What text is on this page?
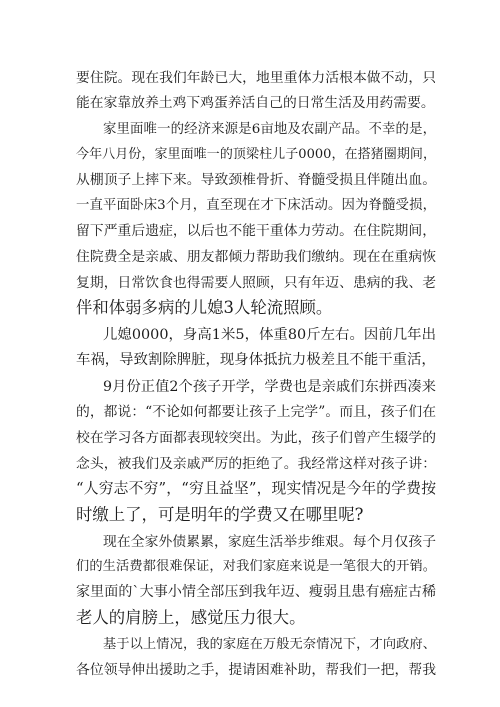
要住院。现在我们年龄已大，地里重体力活根本做不动，只
能在家靠放养土鸡下鸡蛋养活自己的日常生活及用药需要。
家里面唯一的经济来源是6亩地及农副产品。不幸的是，
今年八月份，家里面唯一的顶梁柱儿子0000，在搭猪圈期间，
从棚顶子上摔下来。导致颈椎骨折、脊髓受损且伴随出血。
一直平面卧床3个月，直至现在才下床活动。因为脊髓受损，
留下严重后遗症，以后也不能干重体力劳动。在住院期间，
住院费全是亲戚、朋友都倾力帮助我们缴纳。现在在重病恢
复期，日常饮食也得需要人照顾，只有年迈、患病的我、老
伴和体弱多病的儿媳3人轮流照顾。
儿媳0000，身高1米5，体重80斤左右。因前几年出
车祸，导致割除脾脏，现身体抵抗力极差且不能干重活，
9月份正值2个孩子开学，学费也是亲戚们东拼西凑来
的，都说：“不论如何都要让孩子上完学”。而且，孩子们在
校在学习各方面都表现较突出。为此，孩子们曾产生辍学的
念头，被我们及亲戚严厉的拒绝了。我经常这样对孩子讲：
“人穷志不穷”，“穷且益坚”，现实情况是今年的学费按
时缴上了，可是明年的学费又在哪里呢?
现在全家外债累累，家庭生活举步维艰。每个月仅孩子
们的生活费都很难保证，对我们家庭来说是一笔很大的开销。
家里面的`大事小情全部压到我年迈、瘦弱且患有癌症古稀
老人的肩膀上，感觉压力很大。
基于以上情况，我的家庭在万般无奈情况下，才向政府、
各位领导伸出援助之手，提请困难补助，帮我们一把，帮我
